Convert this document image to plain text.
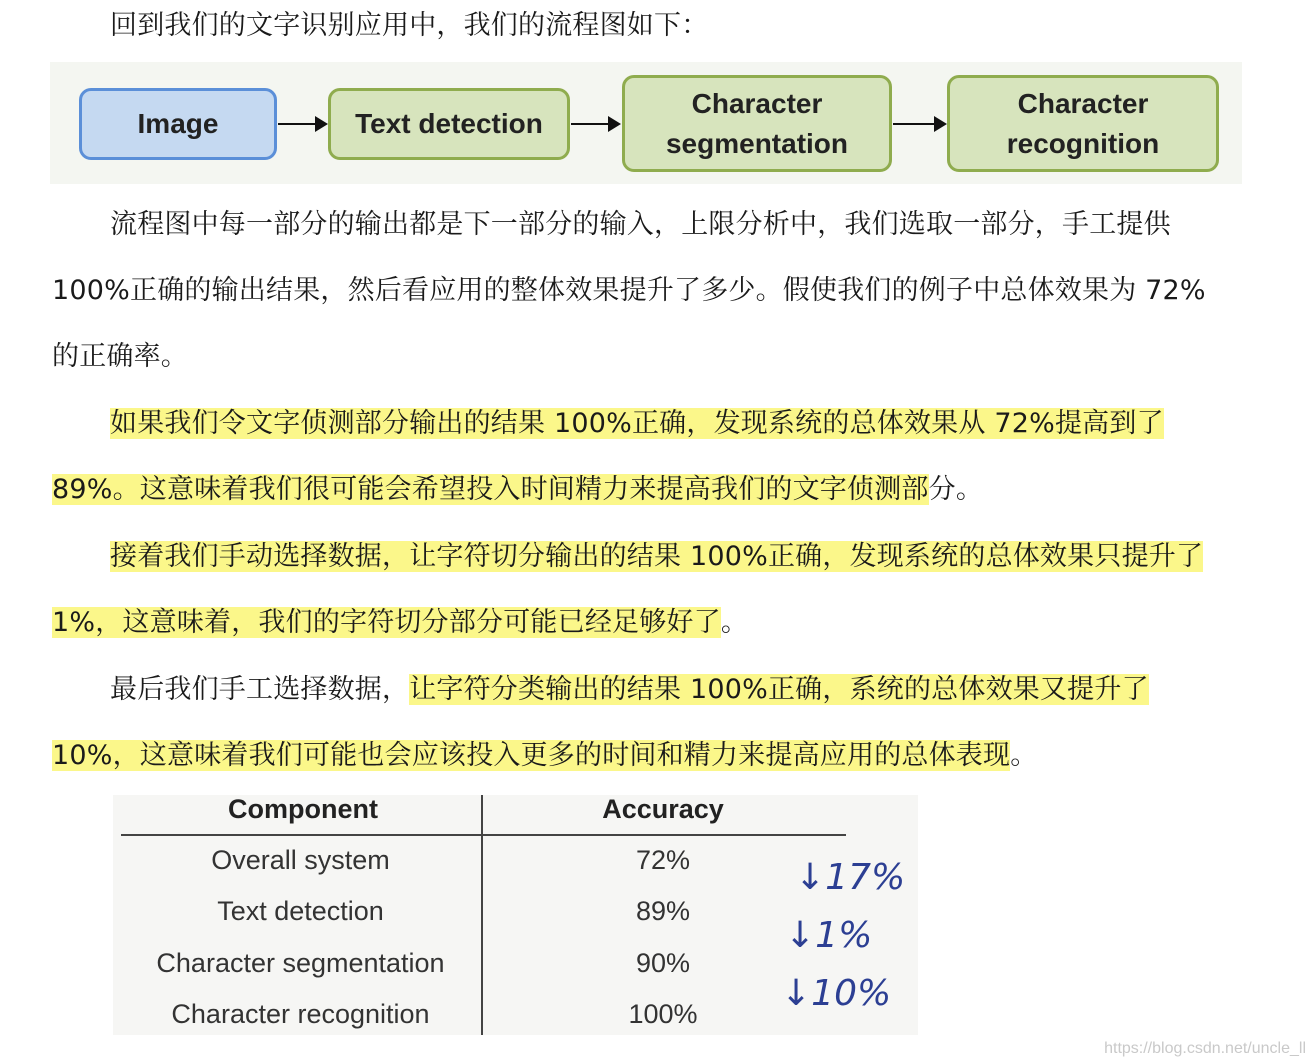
回到我们的文字识别应用中，我们的流程图如下：

Image	Text detection
Character
segmentation
Character
recognition

流程图中每一部分的输出都是下一部分的输入，上限分析中，我们选取一部分，手工提供 100%正确的输出结果，然后看应用的整体效果提升了多少。假使我们的例子中总体效果为 72%的正确率。

如果我们令文字侦测部分输出的结果 100%正确，发现系统的总体效果从 72%提高到了 89%。这意味着我们很可能会希望投入时间精力来提高我们的文字侦测部分。

接着我们手动选择数据，让字符切分输出的结果 100%正确，发现系统的总体效果只提升了 1%，这意味着，我们的字符切分部分可能已经足够好了。

最后我们手工选择数据，让字符分类输出的结果 100%正确，系统的总体效果又提升了 10%，这意味着我们可能也会应该投入更多的时间和精力来提高应用的总体表现。

Component	Accuracy
Overall system	72%
Text detection	89%
Character segmentation	90%
Character recognition	100%
↓17%
↓1%
↓10%
https://blog.csdn.net/uncle_ll
